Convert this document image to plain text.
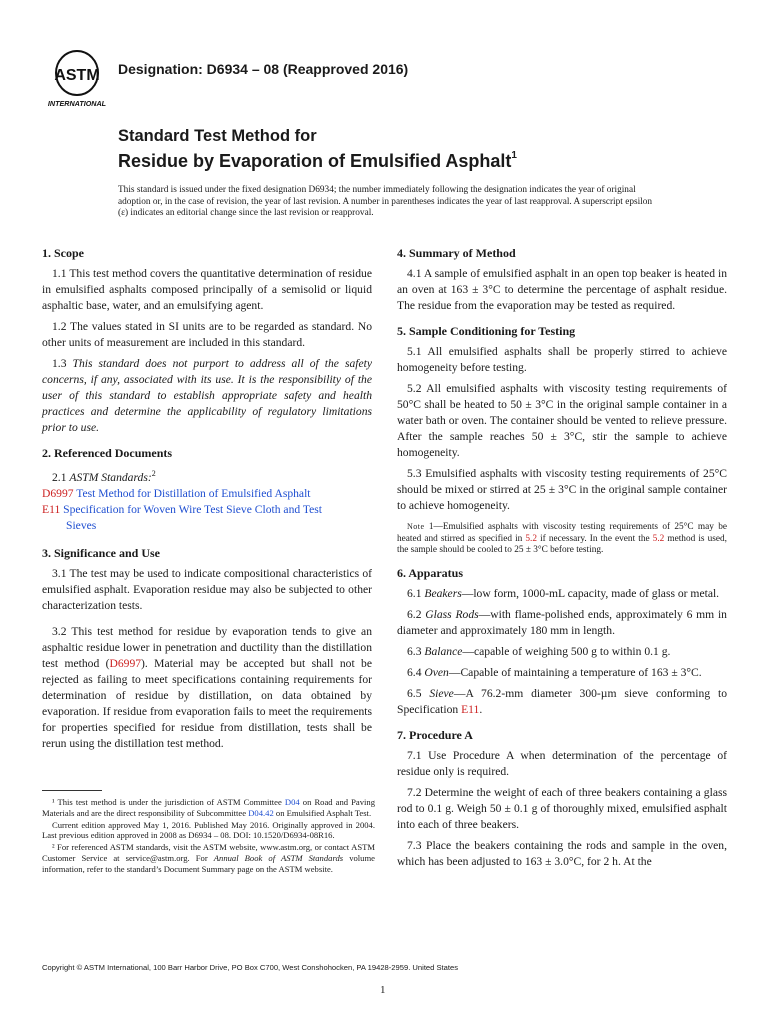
ASTM
INTERNATIONAL
Designation: D6934 – 08 (Reapproved 2016)
Standard Test Method for
Residue by Evaporation of Emulsified Asphalt$^1$
This standard is issued under the fixed designation D6934; the number immediately following the designation indicates the year of original adoption or, in the case of revision, the year of last revision. A number in parentheses indicates the year of last reapproval. A superscript epsilon (ε) indicates an editorial change since the last revision or reapproval.
1. Scope

1.1 This test method covers the quantitative determination of residue in emulsified asphalts composed principally of a semisolid or liquid asphaltic base, water, and an emulsifying agent.

1.2 The values stated in SI units are to be regarded as standard. No other units of measurement are included in this standard.

1.3 This standard does not purport to address all of the safety concerns, if any, associated with its use. It is the responsibility of the user of this standard to establish appropriate safety and health practices and determine the applicability of regulatory limitations prior to use.

2. Referenced Documents
2.1 ASTM Standards:$^2$
D6997 Test Method for Distillation of Emulsified Asphalt
E11 Specification for Woven Wire Test Sieve Cloth and Test
Sieves
3. Significance and Use

3.1 The test may be used to indicate compositional characteristics of emulsified asphalt. Evaporation residue may also be subjected to other characterization tests.

3.2 This test method for residue by evaporation tends to give an asphaltic residue lower in penetration and ductility than the distillation test method (D6997). Material may be accepted but shall not be rejected as failing to meet specifications containing requirements for determination of residue by distillation, on data obtained by evaporation. If residue from evaporation fails to meet the requirements for properties specified for residue from distillation, tests shall be rerun using the distillation test method.

¹ This test method is under the jurisdiction of ASTM Committee D04 on Road and Paving Materials and are the direct responsibility of Subcommittee D04.42 on Emulsified Asphalt Test.
Current edition approved May 1, 2016. Published May 2016. Originally approved in 2004. Last previous edition approved in 2008 as D6934 – 08. DOI: 10.1520/D6934-08R16.
² For referenced ASTM standards, visit the ASTM website, www.astm.org, or contact ASTM Customer Service at service@astm.org. For Annual Book of ASTM Standards volume information, refer to the standard’s Document Summary page on the ASTM website.
4. Summary of Method

4.1 A sample of emulsified asphalt in an open top beaker is heated in an oven at 163 ± 3°C to determine the percentage of asphalt residue. The residue from the evaporation may be tested as required.

5. Sample Conditioning for Testing

5.1 All emulsified asphalts shall be properly stirred to achieve homogeneity before testing.

5.2 All emulsified asphalts with viscosity testing requirements of 50°C shall be heated to 50 ± 3°C in the original sample container in a water bath or oven. The container should be vented to relieve pressure. After the sample reaches 50 ± 3°C, stir the sample to achieve homogeneity.

5.3 Emulsified asphalts with viscosity testing requirements of 25°C should be mixed or stirred at 25 ± 3°C in the original sample container to achieve homogeneity.

Note 1—Emulsified asphalts with viscosity testing requirements of 25°C may be heated and stirred as specified in 5.2 if necessary. In the event the 5.2 method is used, the sample should be cooled to 25 ± 3°C before testing.
6. Apparatus

6.1 Beakers—low form, 1000-mL capacity, made of glass or metal.

6.2 Glass Rods—with flame-polished ends, approximately 6 mm in diameter and approximately 180 mm in length.

6.3 Balance—capable of weighing 500 g to within 0.1 g.

6.4 Oven—Capable of maintaining a temperature of 163 ± 3°C.

6.5 Sieve—A 76.2-mm diameter 300-µm sieve conforming to Specification E11.

7. Procedure A

7.1 Use Procedure A when determination of the percentage of residue only is required.

7.2 Determine the weight of each of three beakers containing a glass rod to 0.1 g. Weigh 50 ± 0.1 g of thoroughly mixed, emulsified asphalt into each of three beakers.

7.3 Place the beakers containing the rods and sample in the oven, which has been adjusted to 163 ± 3.0°C, for 2 h. At the

Copyright © ASTM International, 100 Barr Harbor Drive, PO Box C700, West Conshohocken, PA 19428-2959. United States
1
